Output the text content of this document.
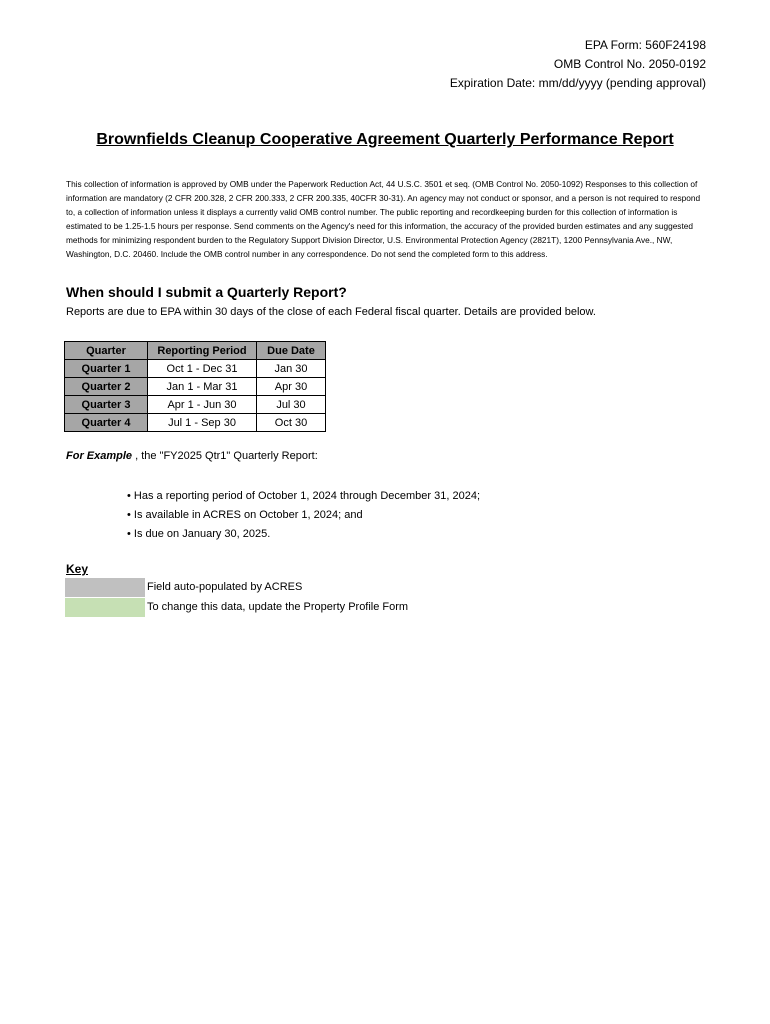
EPA Form: 560F24198
OMB Control No. 2050-0192
Expiration Date: mm/dd/yyyy (pending approval)
Brownfields Cleanup Cooperative Agreement Quarterly Performance Report
This collection of information is approved by OMB under the Paperwork Reduction Act, 44 U.S.C. 3501 et seq. (OMB Control No. 2050-1092) Responses to this collection of information are mandatory (2 CFR 200.328, 2 CFR 200.333, 2 CFR 200.335, 40CFR 30-31). An agency may not conduct or sponsor, and a person is not required to respond to, a collection of information unless it displays a currently valid OMB control number. The public reporting and recordkeeping burden for this collection of information is estimated to be 1.25-1.5 hours per response. Send comments on the Agency's need for this information, the accuracy of the provided burden estimates and any suggested methods for minimizing respondent burden to the Regulatory Support Division Director, U.S. Environmental Protection Agency (2821T), 1200 Pennsylvania Ave., NW, Washington, D.C. 20460. Include the OMB control number in any correspondence. Do not send the completed form to this address.
When should I submit a Quarterly Report?
Reports are due to EPA within 30 days of the close of each Federal fiscal quarter. Details are provided below.
Quarter	Reporting Period	Due Date
Quarter 1	Oct 1 - Dec 31	Jan 30
Quarter 2	Jan 1 - Mar 31	Apr 30
Quarter 3	Apr 1 - Jun 30	Jul 30
Quarter 4	Jul 1 - Sep 30	Oct 30
For Example , the "FY2025 Qtr1" Quarterly Report:
• Has a reporting period of October 1, 2024 through December 31, 2024;
• Is available in ACRES on October 1, 2024; and
• Is due on January 30, 2025.
Key
Field auto-populated by ACRES
To change this data, update the Property Profile Form
